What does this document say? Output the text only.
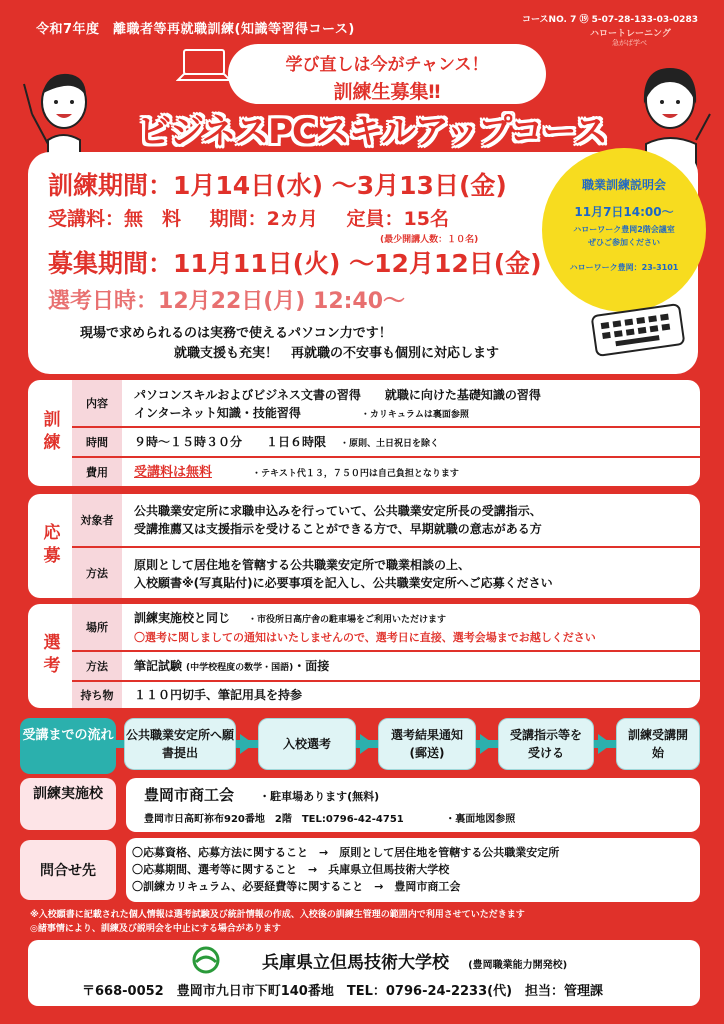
令和7年度　離職者等再就職訓練(知識等習得コース)
コースNO. 7 ⑲ 5-07-28-133-03-0283
ハロートレーニング
急がば学べ
学び直しは今がチャンス！
訓練生募集‼
ビジネスPCスキルアップコース
訓練期間：1月14日(水) ～3月13日(金)
受講料：無　料 期間：2カ月 定員：15名
(最少開講人数：１０名)
募集期間：11月11日(火) ～12月12日(金)
選考日時：12月22日(月) 12:40～
現場で求められるのは実務で使えるパソコン力です！
就職支援も充実！　再就職の不安事も個別に対応します
職業訓練説明会
11月7日14:00～
ハローワーク豊岡2階会議室
ぜひご参加ください
ハローワーク豊岡：23-3101
訓練
内容
パソコンスキルおよびビジネス文書の習得　　就職に向けた基礎知識の習得
インターネット知識・技能習得	・カリキュラムは裏面参照
時間	９時～１５時３０分　　１日６時限 ・原則、土日祝日を除く
費用	受講料は無料	・テキスト代１３，７５０円は自己負担となります
応募
対象者
公共職業安定所に求職申込みを行っていて、公共職業安定所長の受講指示、
受講推薦又は支援指示を受けることができる方で、早期就職の意志がある方
方法
原則として居住地を管轄する公共職業安定所で職業相談の上、
入校願書※(写真貼付)に必要事項を記入し、公共職業安定所へご応募ください
選考
場所
訓練実施校と同じ ・市役所日高庁舎の駐車場をご利用いただけます
〇選考に関しましての通知はいたしませんので、選考日に直接、選考会場までお越しください
方法	筆記試験 (中学校程度の数学・国語)・面接
持ち物	１１０円切手、筆記用具を持参
受講までの流れ 公共職業安定所へ願書提出
入校選考
選考結果通知(郵送)
受講指示等を受ける
訓練受講開始
訓練実施校	豊岡市商工会 ・駐車場あります(無料)
豊岡市日高町祢布920番地　2階　TEL:0796-42-4751	・裏面地図参照
問合せ先
〇応募資格、応募方法に関すること　→　原則として居住地を管轄する公共職業安定所
〇応募期間、選考等に関すること　→　兵庫県立但馬技術大学校
〇訓練カリキュラム、必要経費等に関すること　→　豊岡市商工会
※入校願書に記載された個人情報は選考試験及び統計情報の作成、入校後の訓練生管理の範囲内で利用させていただきます
◎諸事情により、訓練及び説明会を中止にする場合があります
兵庫県立但馬技術大学校 (豊岡職業能力開発校)
〒668-0052　豊岡市九日市下町140番地　TEL：0796-24-2233(代)　担当：管理課
